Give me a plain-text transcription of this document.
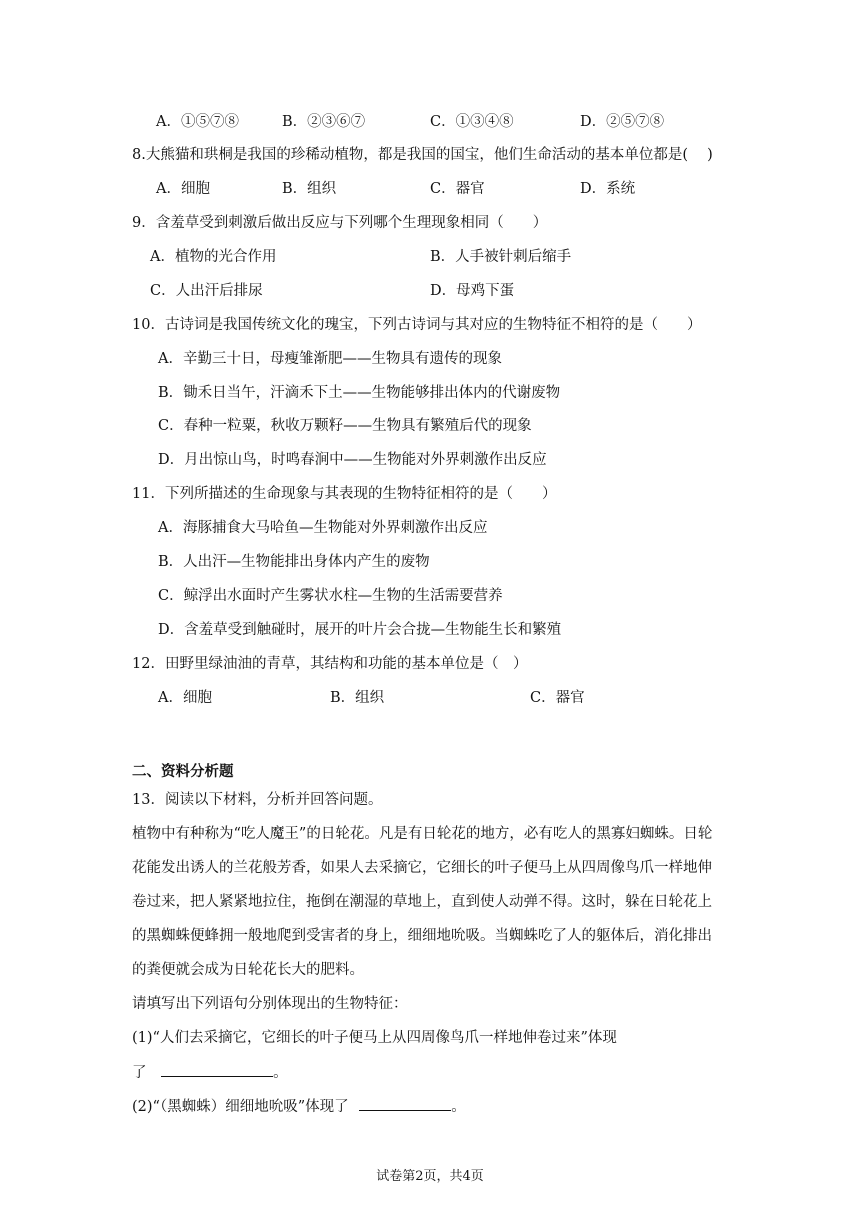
A．①⑤⑦⑧	B．②③⑥⑦	C．①③④⑧	D．②⑤⑦⑧
8.大熊猫和珙桐是我国的珍稀动植物，都是我国的国宝，他们生命活动的基本单位都是(　 )
A．细胞	B．组织	C．器官	D．系统
9．含羞草受到刺激后做出反应与下列哪个生理现象相同（　　）
A．植物的光合作用	B．人手被针刺后缩手
C．人出汗后排尿	D．母鸡下蛋
10．古诗词是我国传统文化的瑰宝，下列古诗词与其对应的生物特征不相符的是（　　）
A．辛勤三十日，母瘦雏渐肥——生物具有遗传的现象
B．锄禾日当午，汗滴禾下土——生物能够排出体内的代谢废物
C．春种一粒粟，秋收万颗籽——生物具有繁殖后代的现象
D．月出惊山鸟，时鸣春涧中——生物能对外界刺激作出反应
11．下列所描述的生命现象与其表现的生物特征相符的是（　　）
A．海豚捕食大马哈鱼—生物能对外界刺激作出反应
B．人出汗—生物能排出身体内产生的废物
C．鲸浮出水面时产生雾状水柱—生物的生活需要营养
D．含羞草受到触碰时，展开的叶片会合拢—生物能生长和繁殖
12．田野里绿油油的青草，其结构和功能的基本单位是（　）
A．细胞	B．组织	C．器官
二、资料分析题
13．阅读以下材料，分析并回答问题。
植物中有种称为“吃人魔王”的日轮花。凡是有日轮花的地方，必有吃人的黑寡妇蜘蛛。日轮
花能发出诱人的兰花般芳香，如果人去采摘它，它细长的叶子便马上从四周像鸟爪一样地伸
卷过来，把人紧紧地拉住，拖倒在潮湿的草地上，直到使人动弹不得。这时，躲在日轮花上
的黑蜘蛛便蜂拥一般地爬到受害者的身上，细细地吮吸。当蜘蛛吃了人的躯体后，消化排出
的粪便就会成为日轮花长大的肥料。
请填写出下列语句分别体现出的生物特征：
(1)“人们去采摘它，它细长的叶子便马上从四周像鸟爪一样地伸卷过来”体现
了	。
(2)“（黑蜘蛛）细细地吮吸”体现了	。
试卷第2页，共4页
